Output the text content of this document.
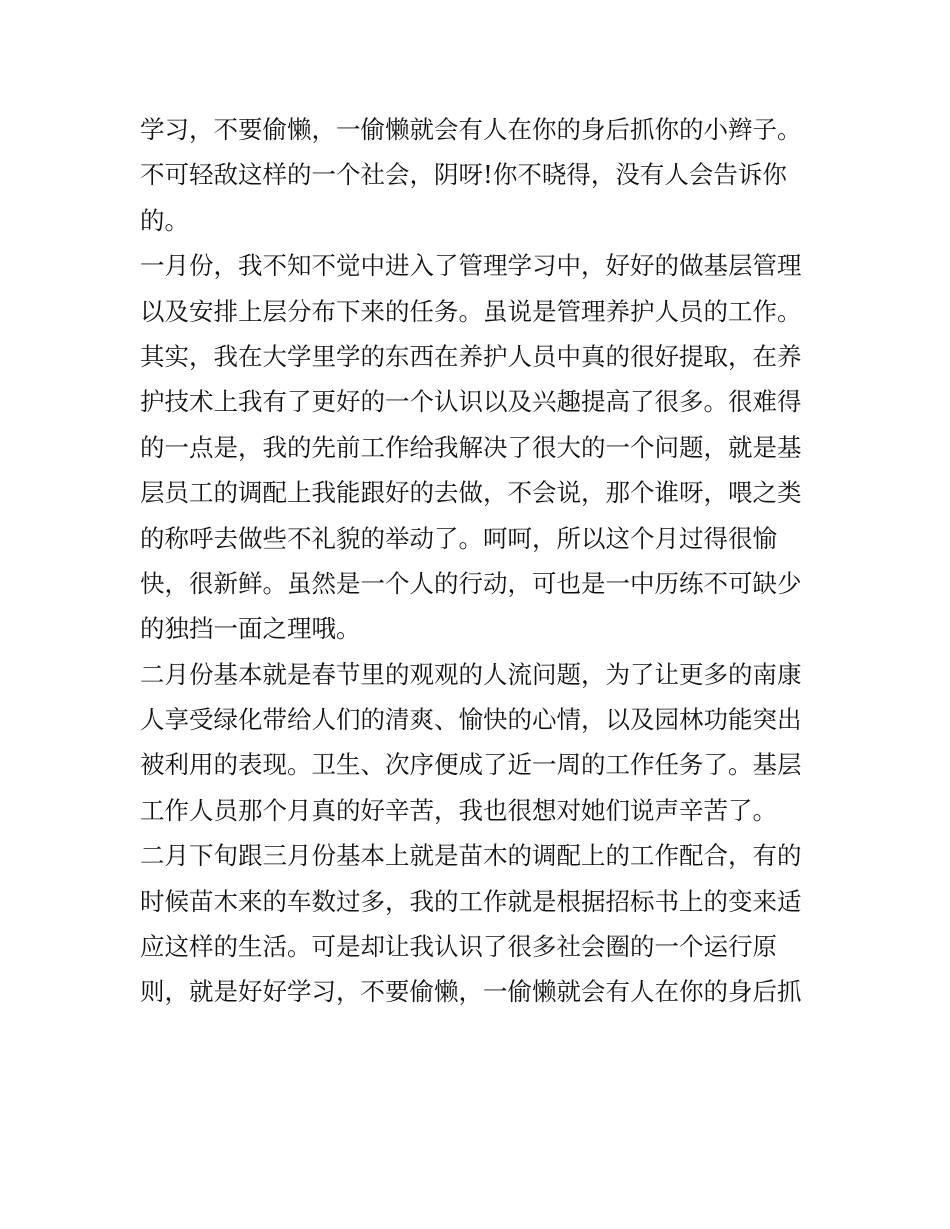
学习，不要偷懒，一偷懒就会有人在你的身后抓你的小辫子。
不可轻敌这样的一个社会，阴呀!你不晓得，没有人会告诉你
的。
一月份，我不知不觉中进入了管理学习中，好好的做基层管理
以及安排上层分布下来的任务。虽说是管理养护人员的工作。
其实，我在大学里学的东西在养护人员中真的很好提取，在养
护技术上我有了更好的一个认识以及兴趣提高了很多。很难得
的一点是，我的先前工作给我解决了很大的一个问题，就是基
层员工的调配上我能跟好的去做，不会说，那个谁呀，喂之类
的称呼去做些不礼貌的举动了。呵呵，所以这个月过得很愉
快，很新鲜。虽然是一个人的行动，可也是一中历练不可缺少
的独挡一面之理哦。
二月份基本就是春节里的观观的人流问题，为了让更多的南康
人享受绿化带给人们的清爽、愉快的心情，以及园林功能突出
被利用的表现。卫生、次序便成了近一周的工作任务了。基层
工作人员那个月真的好辛苦，我也很想对她们说声辛苦了。
二月下旬跟三月份基本上就是苗木的调配上的工作配合，有的
时候苗木来的车数过多，我的工作就是根据招标书上的变来适
应这样的生活。可是却让我认识了很多社会圈的一个运行原
则，就是好好学习，不要偷懒，一偷懒就会有人在你的身后抓
